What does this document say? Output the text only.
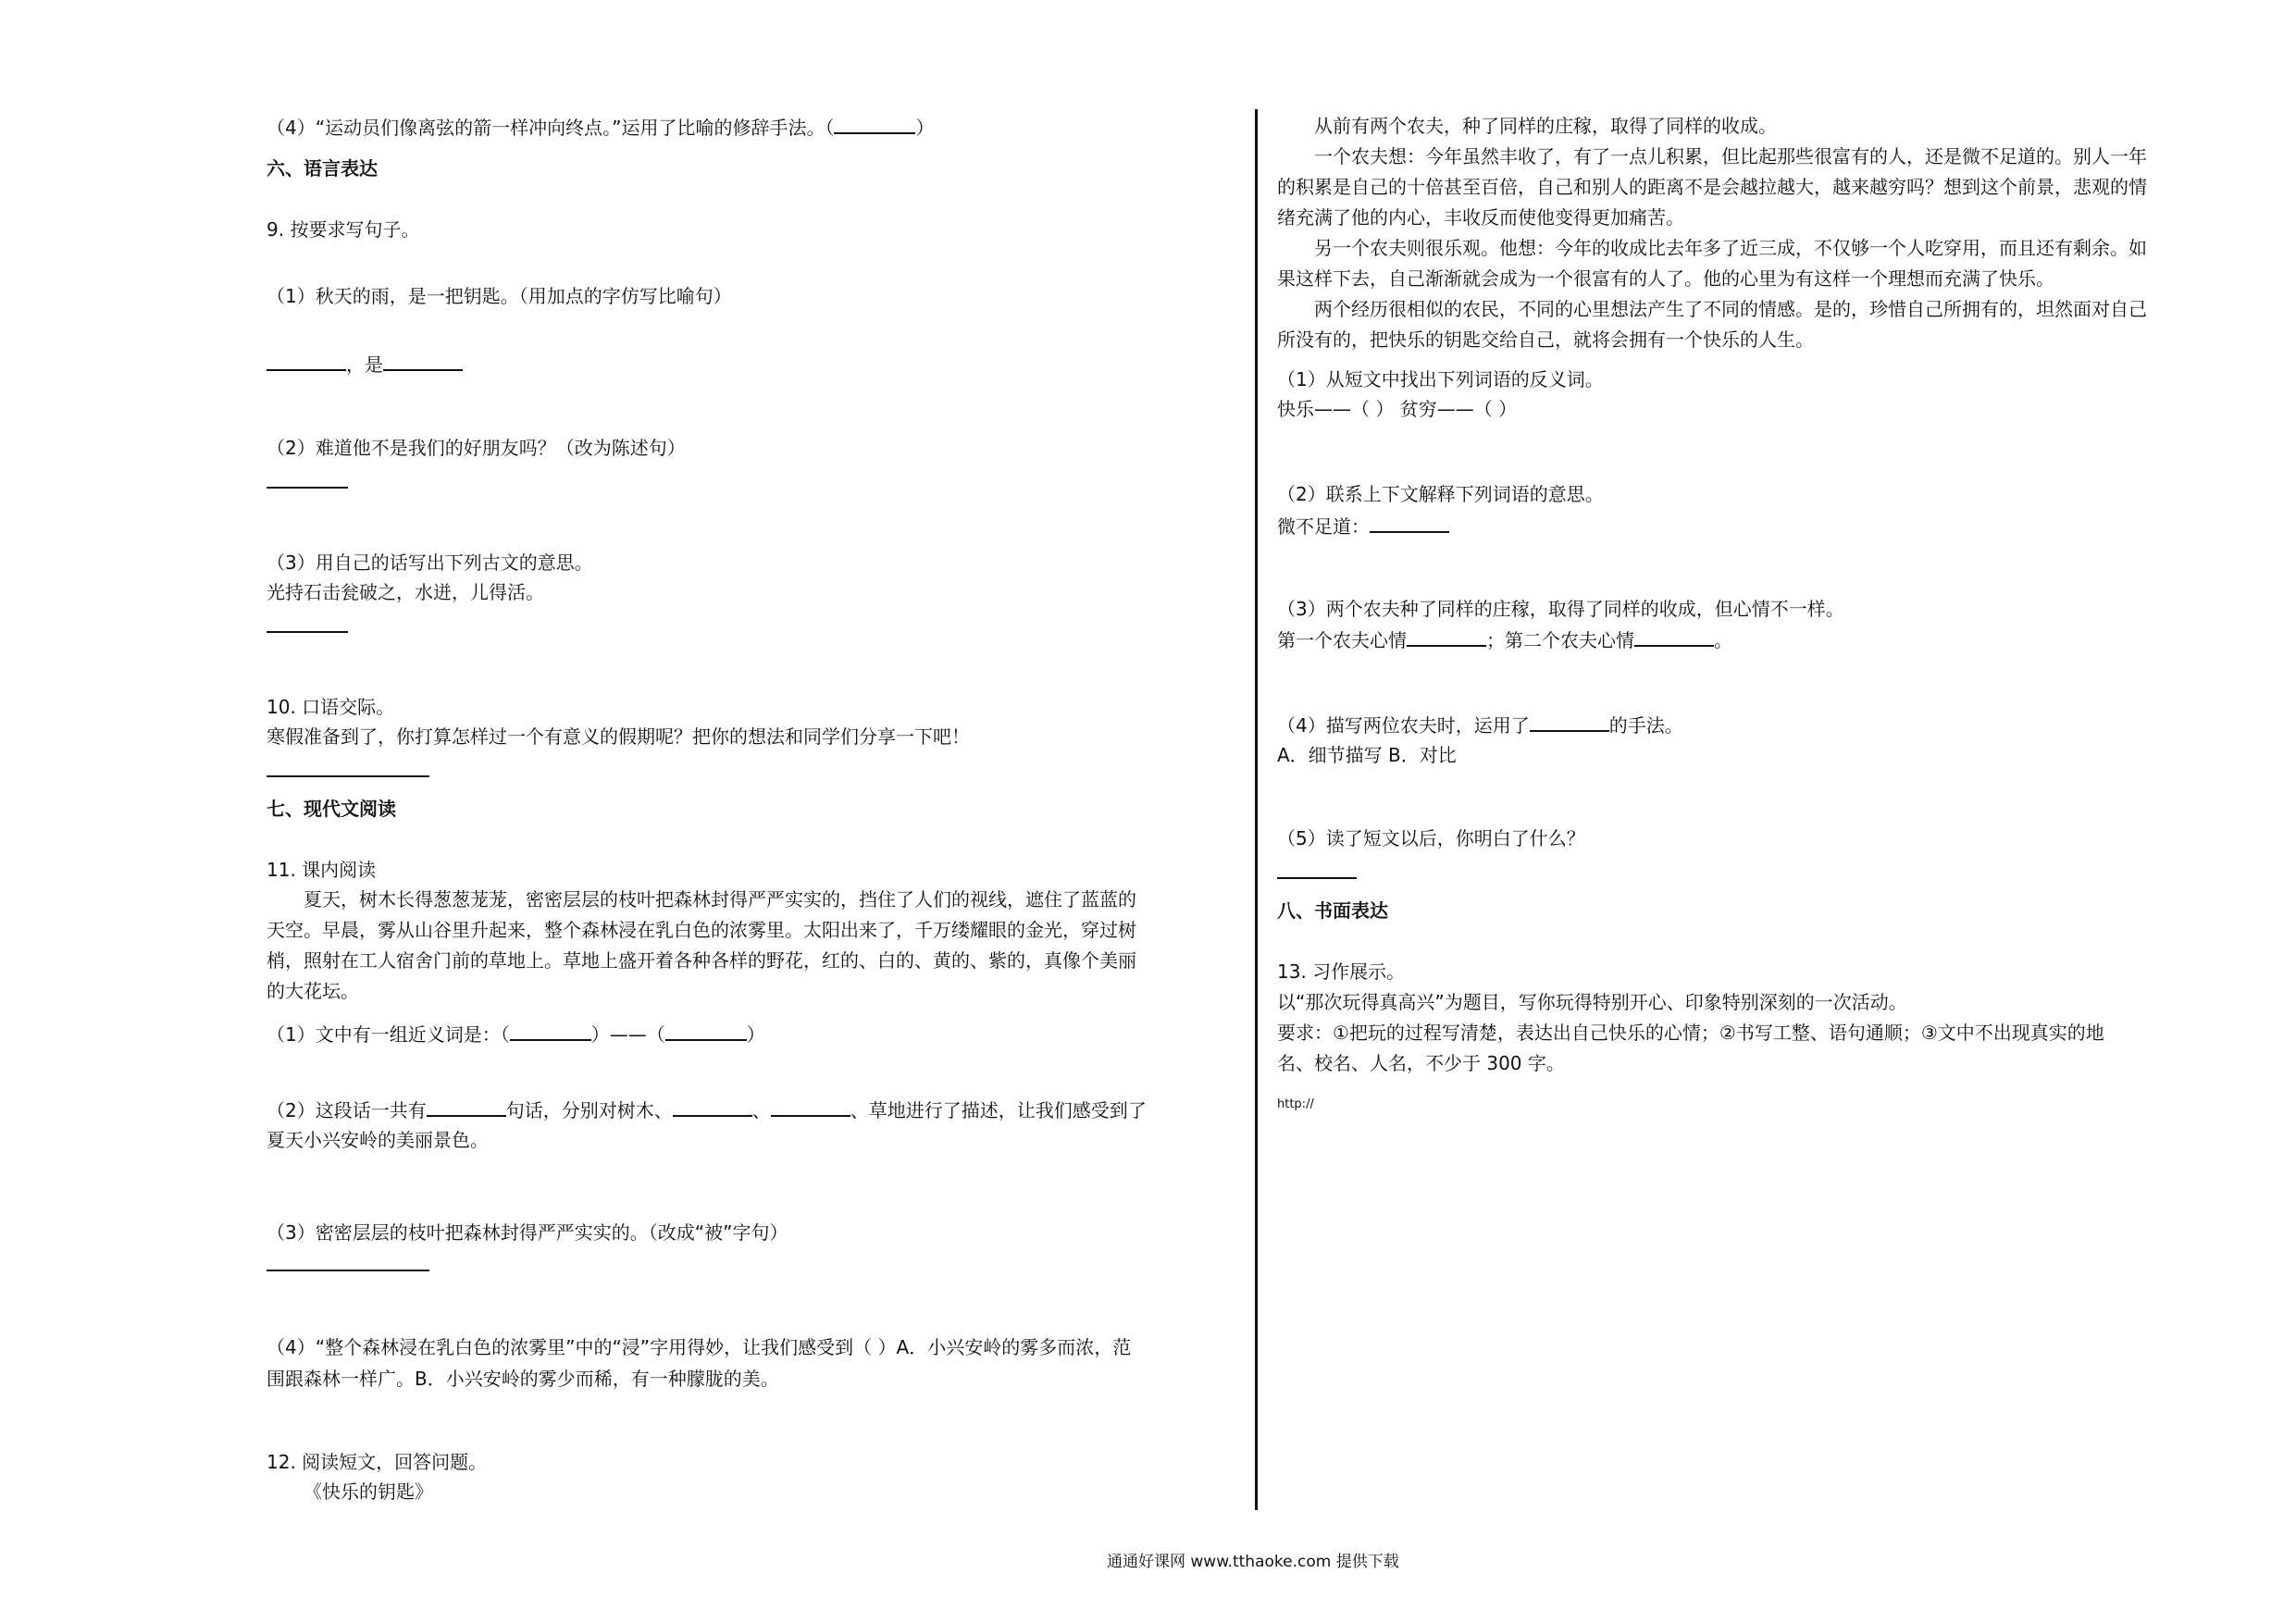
（4）“运动员们像离弦的箭一样冲向终点。”运用了比喻的修辞手法。（	）
六、语言表达
9. 按要求写句子。
（1）秋天的雨，是一把钥匙。（用加点的字仿写比喻句）
，是
（2）难道他不是我们的好朋友吗？（改为陈述句）
（3）用自己的话写出下列古文的意思。
光持石击瓮破之，水迸，儿得活。
10. 口语交际。
寒假准备到了，你打算怎样过一个有意义的假期呢？把你的想法和同学们分享一下吧！
七、现代文阅读
11. 课内阅读
夏天，树木长得葱葱茏茏，密密层层的枝叶把森林封得严严实实的，挡住了人们的视线，遮住了蓝蓝的
天空。早晨，雾从山谷里升起来，整个森林浸在乳白色的浓雾里。太阳出来了，千万缕耀眼的金光，穿过树
梢，照射在工人宿舍门前的草地上。草地上盛开着各种各样的野花，红的、白的、黄的、紫的，真像个美丽
的大花坛。
（1）文中有一组近义词是：（	）——（	）
（2）这段话一共有	句话，分别对树木、	、	、草地进行了描述，让我们感受到了
夏天小兴安岭的美丽景色。
（3）密密层层的枝叶把森林封得严严实实的。（改成“被”字句）
（4）“整个森林浸在乳白色的浓雾里”中的“浸”字用得妙，让我们感受到（ ）A．小兴安岭的雾多而浓，范
围跟森林一样广。B．小兴安岭的雾少而稀，有一种朦胧的美。
12. 阅读短文，回答问题。
《快乐的钥匙》
从前有两个农夫，种了同样的庄稼，取得了同样的收成。
一个农夫想：今年虽然丰收了，有了一点儿积累，但比起那些很富有的人，还是微不足道的。别人一年
的积累是自己的十倍甚至百倍，自己和别人的距离不是会越拉越大，越来越穷吗？想到这个前景，悲观的情
绪充满了他的内心，丰收反而使他变得更加痛苦。
另一个农夫则很乐观。他想：今年的收成比去年多了近三成，不仅够一个人吃穿用，而且还有剩余。如
果这样下去，自己渐渐就会成为一个很富有的人了。他的心里为有这样一个理想而充满了快乐。
两个经历很相似的农民，不同的心里想法产生了不同的情感。是的，珍惜自己所拥有的，坦然面对自己
所没有的，把快乐的钥匙交给自己，就将会拥有一个快乐的人生。
（1）从短文中找出下列词语的反义词。
快乐——（ ） 贫穷——（ ）
（2）联系上下文解释下列词语的意思。
微不足道：
（3）两个农夫种了同样的庄稼，取得了同样的收成，但心情不一样。
第一个农夫心情	；第二个农夫心情	。
（4）描写两位农夫时，运用了	的手法。
A．细节描写 B．对比
（5）读了短文以后，你明白了什么？
八、书面表达
13. 习作展示。
以“那次玩得真高兴”为题目，写你玩得特别开心、印象特别深刻的一次活动。
要求：①把玩的过程写清楚，表达出自己快乐的心情；②书写工整、语句通顺；③文中不出现真实的地
名、校名、人名，不少于 300 字。
http://
通通好课网 www.tthaoke.com 提供下载
